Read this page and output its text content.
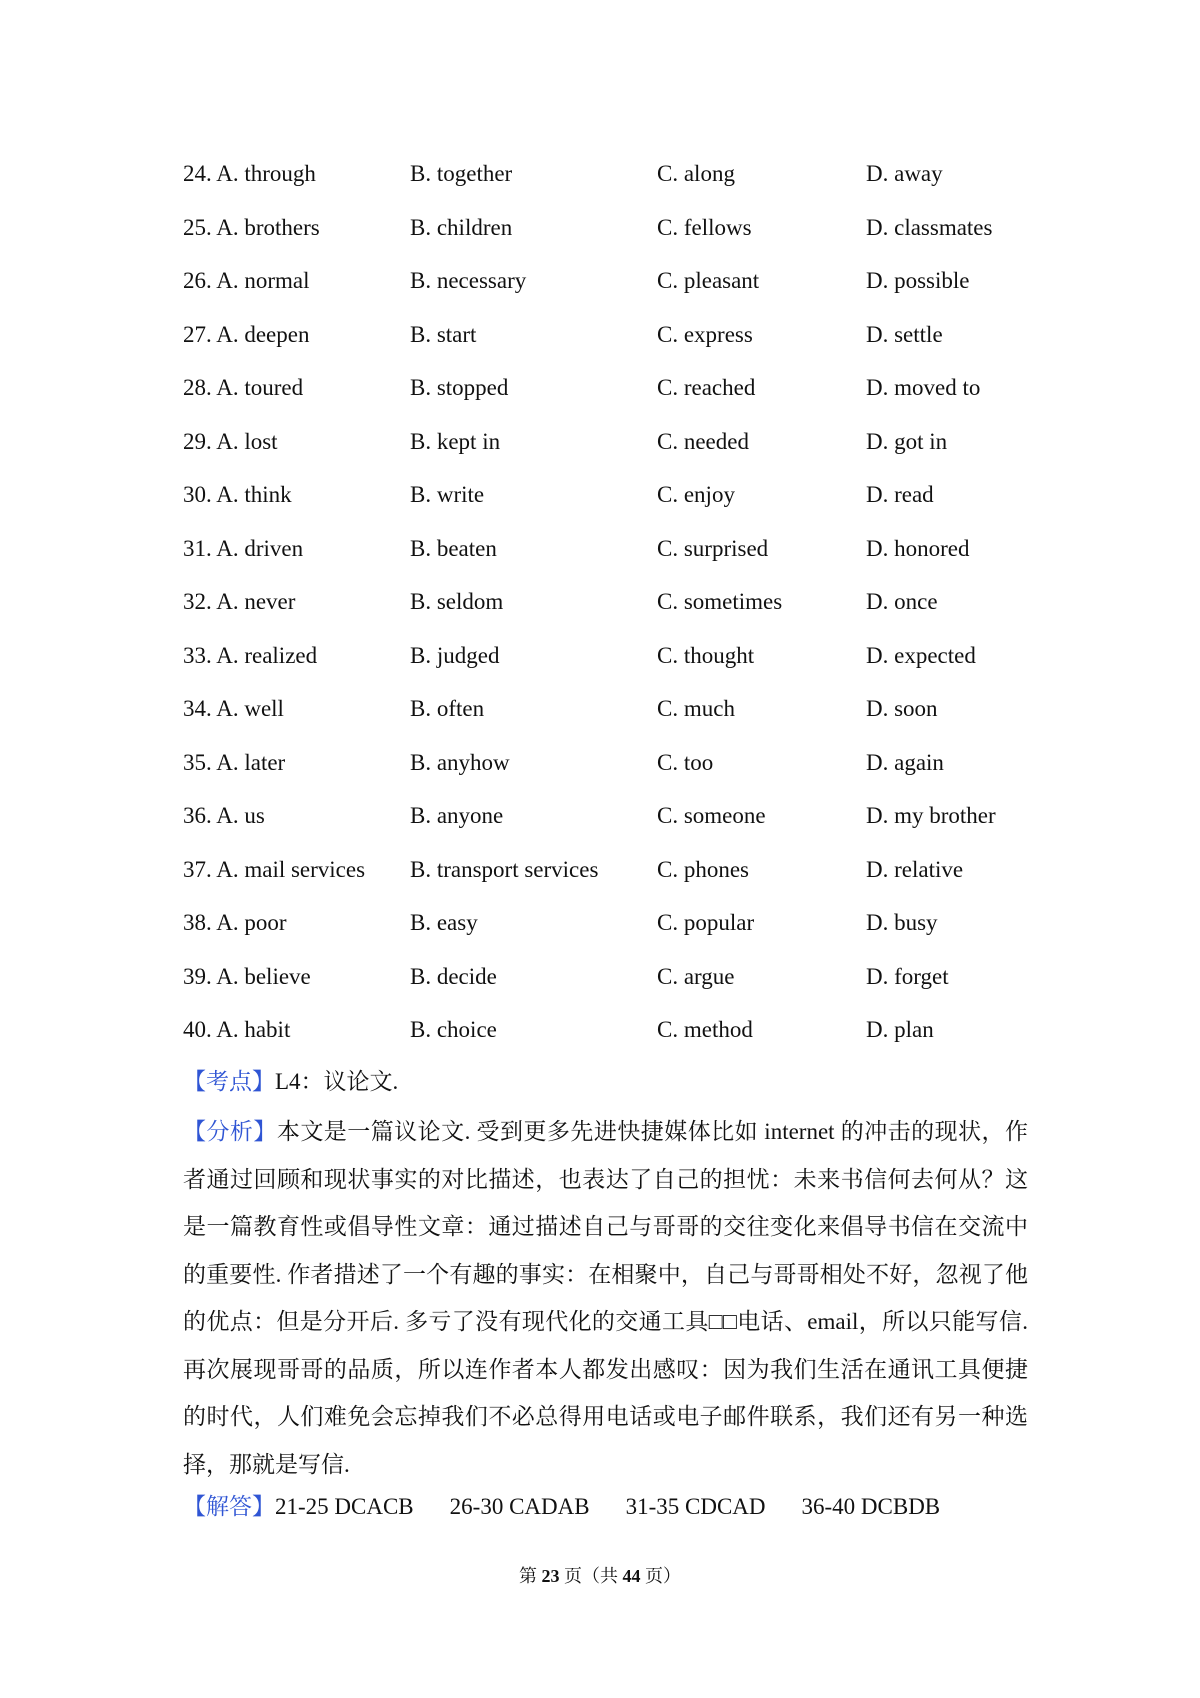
24. A. through	B. together	C. along	D. away
25. A. brothers	B. children	C. fellows	D. classmates
26. A. normal	B. necessary	C. pleasant	D. possible
27. A. deepen	B. start	C. express	D. settle
28. A. toured	B. stopped	C. reached	D. moved to
29. A. lost	B. kept in	C. needed	D. got in
30. A. think	B. write	C. enjoy	D. read
31. A. driven	B. beaten	C. surprised	D. honored
32. A. never	B. seldom	C. sometimes	D. once
33. A. realized	B. judged	C. thought	D. expected
34. A. well	B. often	C. much	D. soon
35. A. later	B. anyhow	C. too	D. again
36. A. us	B. anyone	C. someone	D. my brother
37. A. mail services B. transport services	C. phones	D. relative
38. A. poor	B. easy	C. popular	D. busy
39. A. believe	B. decide	C. argue	D. forget
40. A. habit	B. choice	C. method	D. plan
【考点】L4：议论文.
【分析】本文是一篇议论文. 受到更多先进快捷媒体比如 internet 的冲击的现状，作者通过回顾和现状事实的对比描述，也表达了自己的担忧：未来书信何去何从？这是一篇教育性或倡导性文章：通过描述自己与哥哥的交往变化来倡导书信在交流中的重要性. 作者措述了一个有趣的事实：在相聚中，自己与哥哥相处不好，忽视了他的优点：但是分开后. 多亏了没有现代化的交通工具□□电话、email，所以只能写信. 再次展现哥哥的品质，所以连作者本人都发出感叹：因为我们生活在通讯工具便捷的时代，人们难免会忘掉我们不必总得用电话或电子邮件联系，我们还有另一种选择，那就是写信.
【解答】21-25 DCACB 26-30 CADAB 31-35 CDCAD 36-40 DCBDB
第 23 页（共 44 页）
